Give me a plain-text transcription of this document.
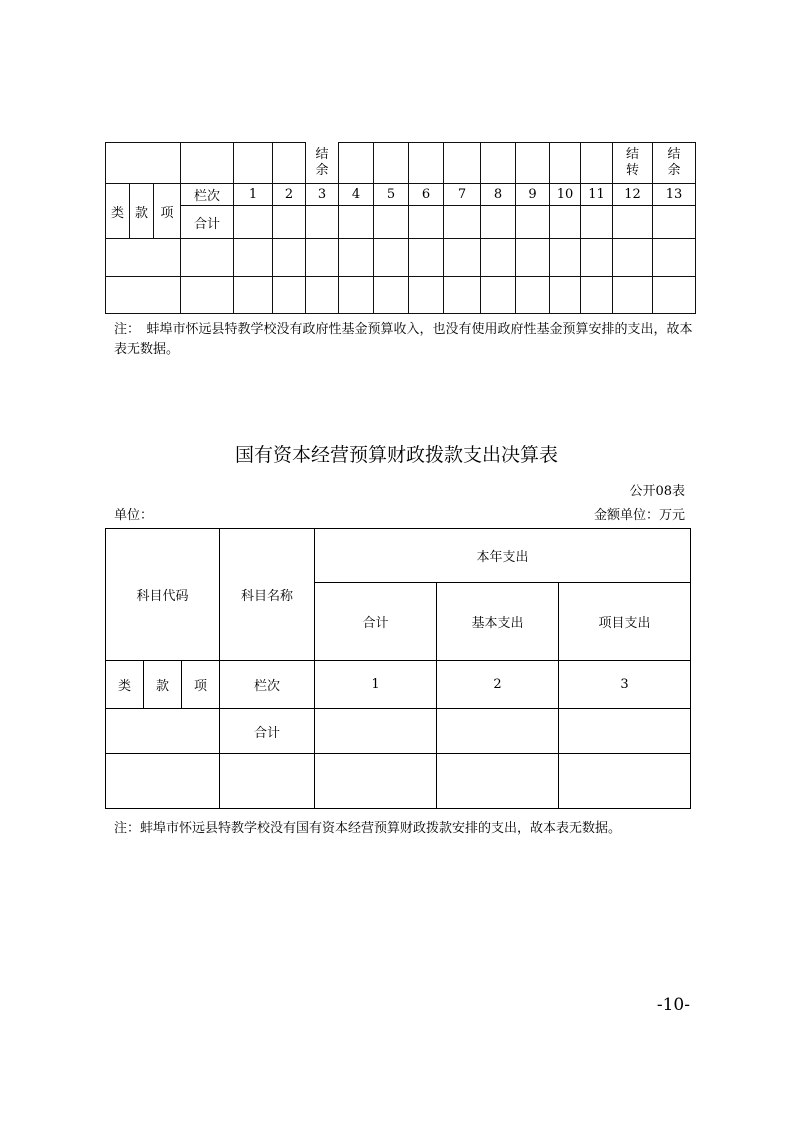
						结余									结转	结余

类	款	项	栏次	1	2	3	4	5	6	7	8	9	10	11	12	13
			合计													

注：　蚌埠市怀远县特教学校没有政府性基金预算收入，也没有使用政府性基金预算安排的支出，故本表无数据。
国有资本经营预算财政拨款支出决算表
公开08表
单位：	金额单位：万元
科目代码			科目名称	本年支出		
				合计	基本支出	项目支出
类	款	项	栏次	1	2	3
			合计			

注：蚌埠市怀远县特教学校没有国有资本经营预算财政拨款安排的支出，故本表无数据。
-10-
